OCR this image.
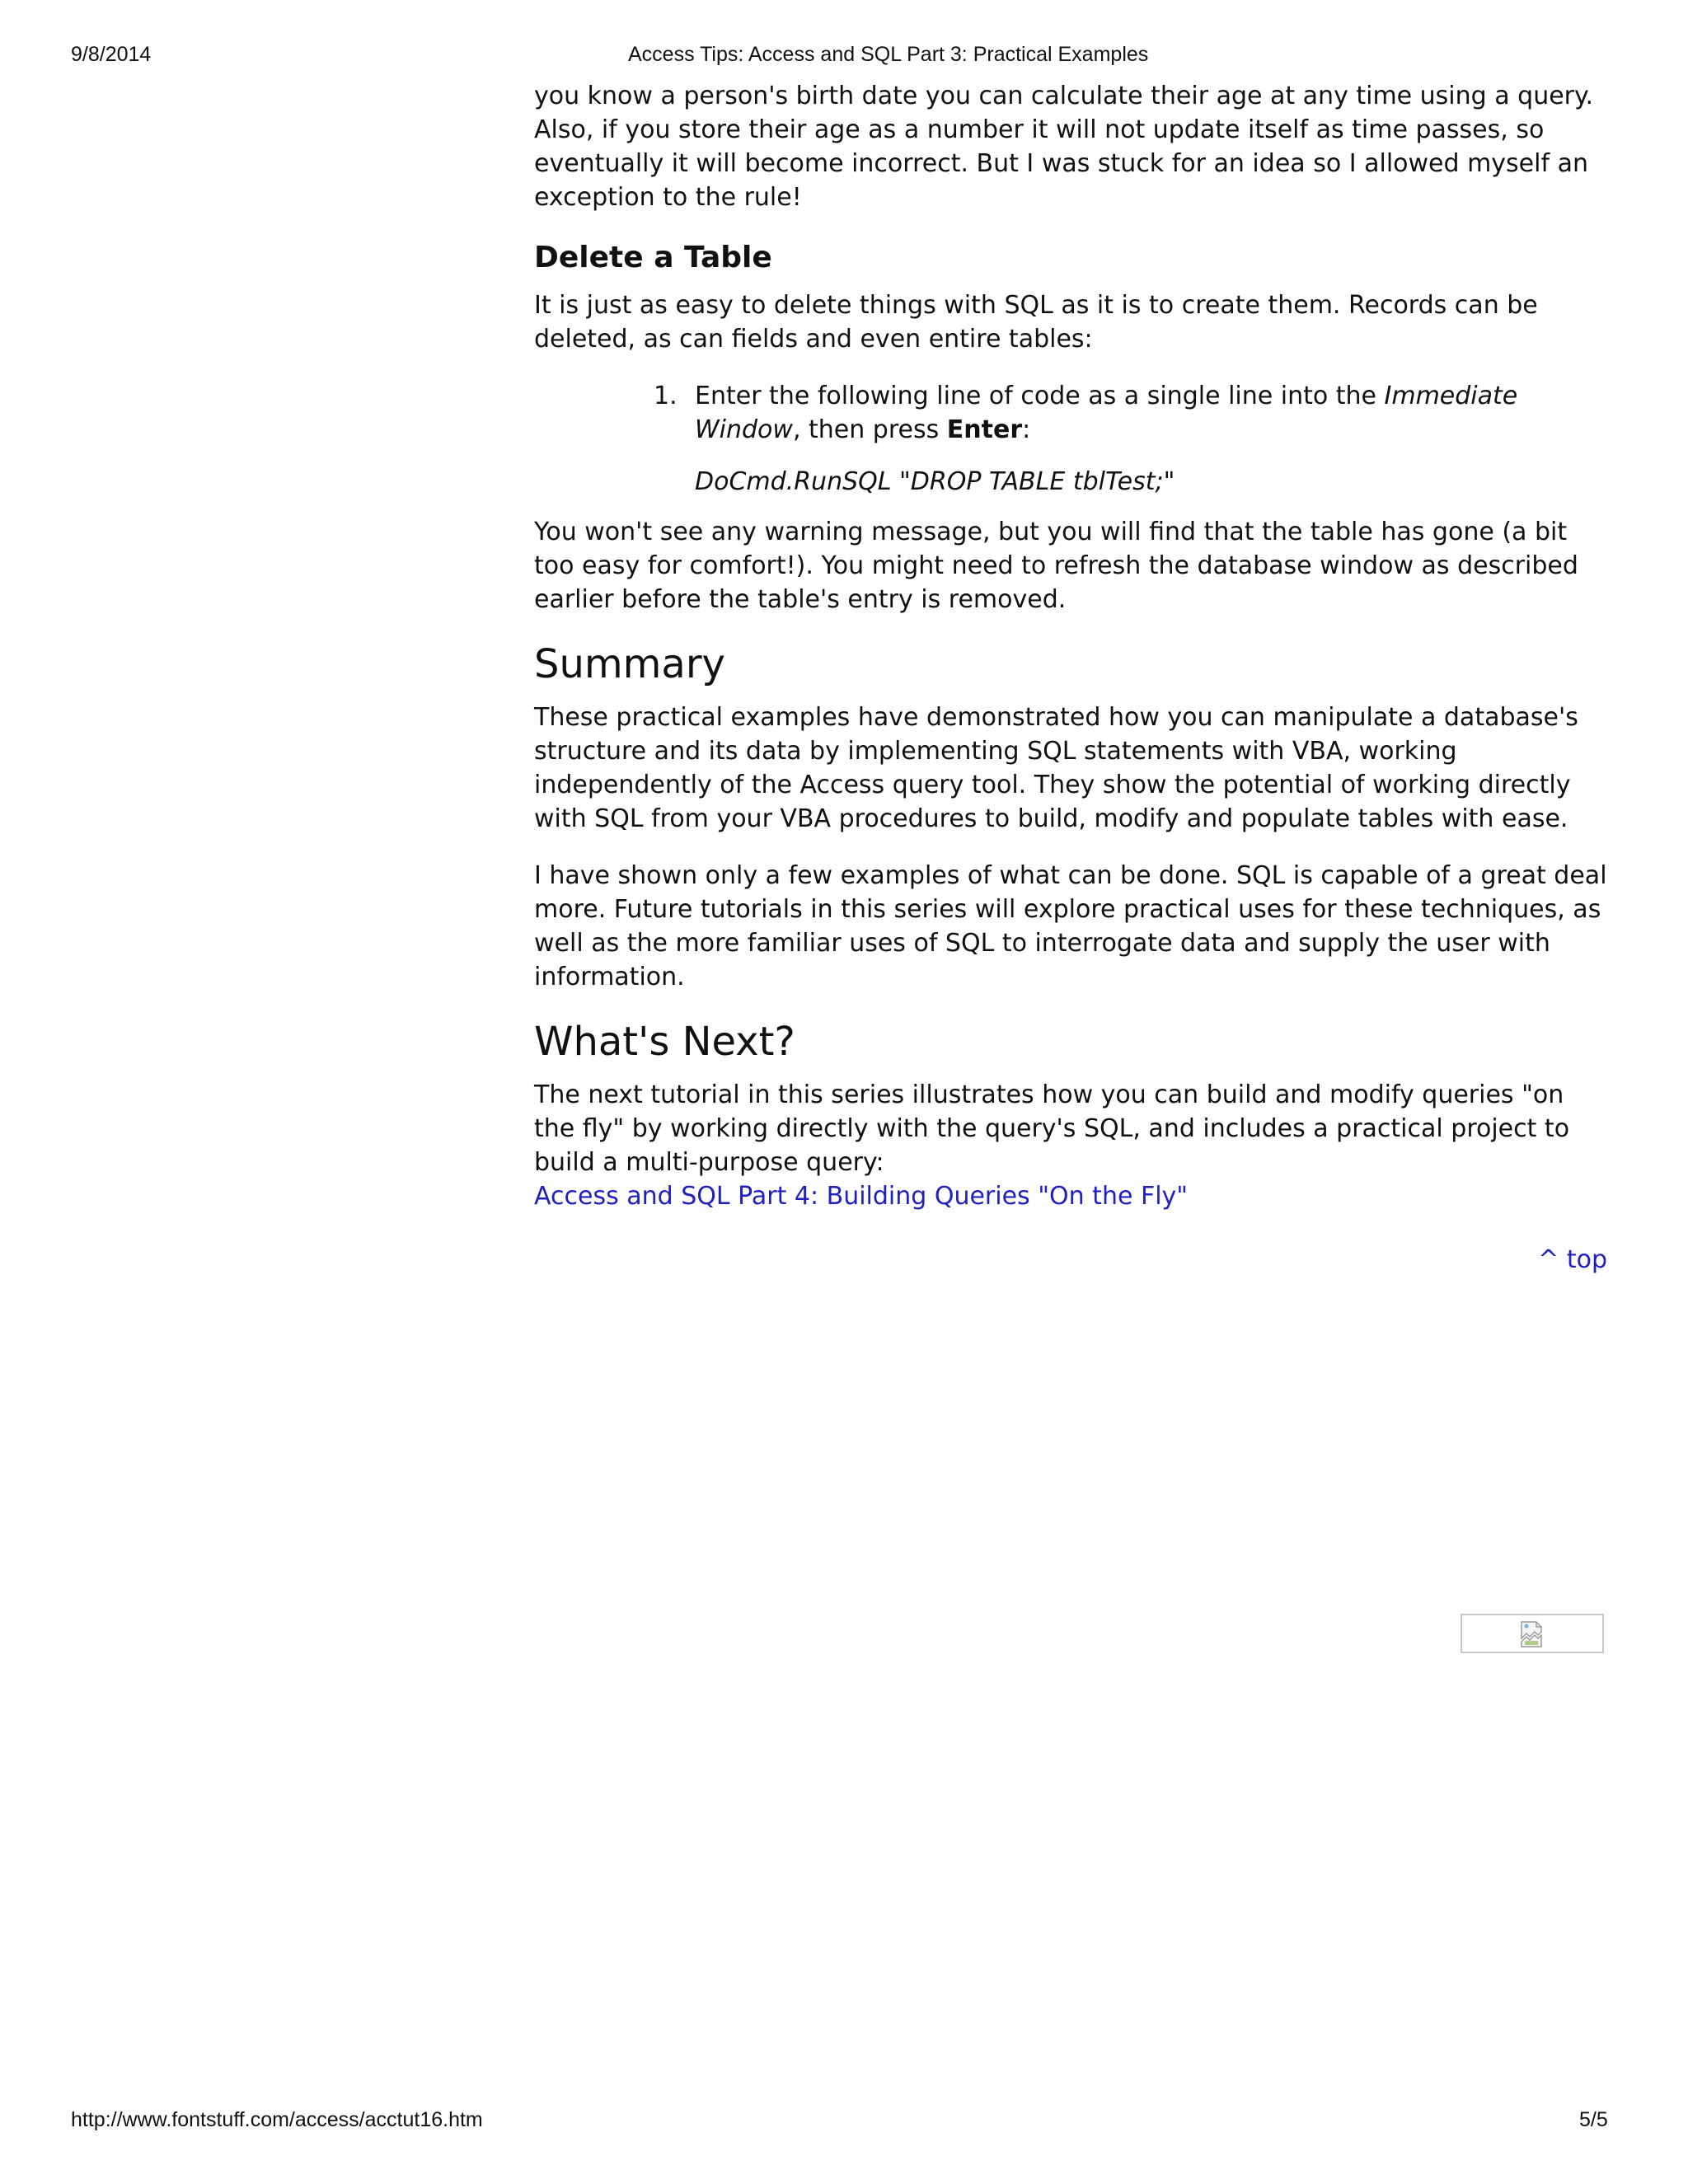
9/8/2014	Access Tips: Access and SQL Part 3: Practical Examples

you know a person's birth date you can calculate their age at any time using a query. Also, if you store their age as a number it will not update itself as time passes, so eventually it will become incorrect. But I was stuck for an idea so I allowed myself an exception to the rule!

Delete a Table

It is just as easy to delete things with SQL as it is to create them. Records can be deleted, as can fields and even entire tables:

1. Enter the following line of code as a single line into the Immediate Window, then press Enter:
DoCmd.RunSQL "DROP TABLE tblTest;"

You won't see any warning message, but you will find that the table has gone (a bit too easy for comfort!). You might need to refresh the database window as described earlier before the table's entry is removed.

Summary

These practical examples have demonstrated how you can manipulate a database's structure and its data by implementing SQL statements with VBA, working independently of the Access query tool. They show the potential of working directly with SQL from your VBA procedures to build, modify and populate tables with ease.

I have shown only a few examples of what can be done. SQL is capable of a great deal more. Future tutorials in this series will explore practical uses for these techniques, as well as the more familiar uses of SQL to interrogate data and supply the user with information.

What's Next?

The next tutorial in this series illustrates how you can build and modify queries "on the fly" by working directly with the query's SQL, and includes a practical project to build a multi-purpose query:

Access and SQL Part 4: Building Queries "On the Fly"

^ top
http://www.fontstuff.com/access/acctut16.htm	5/5
